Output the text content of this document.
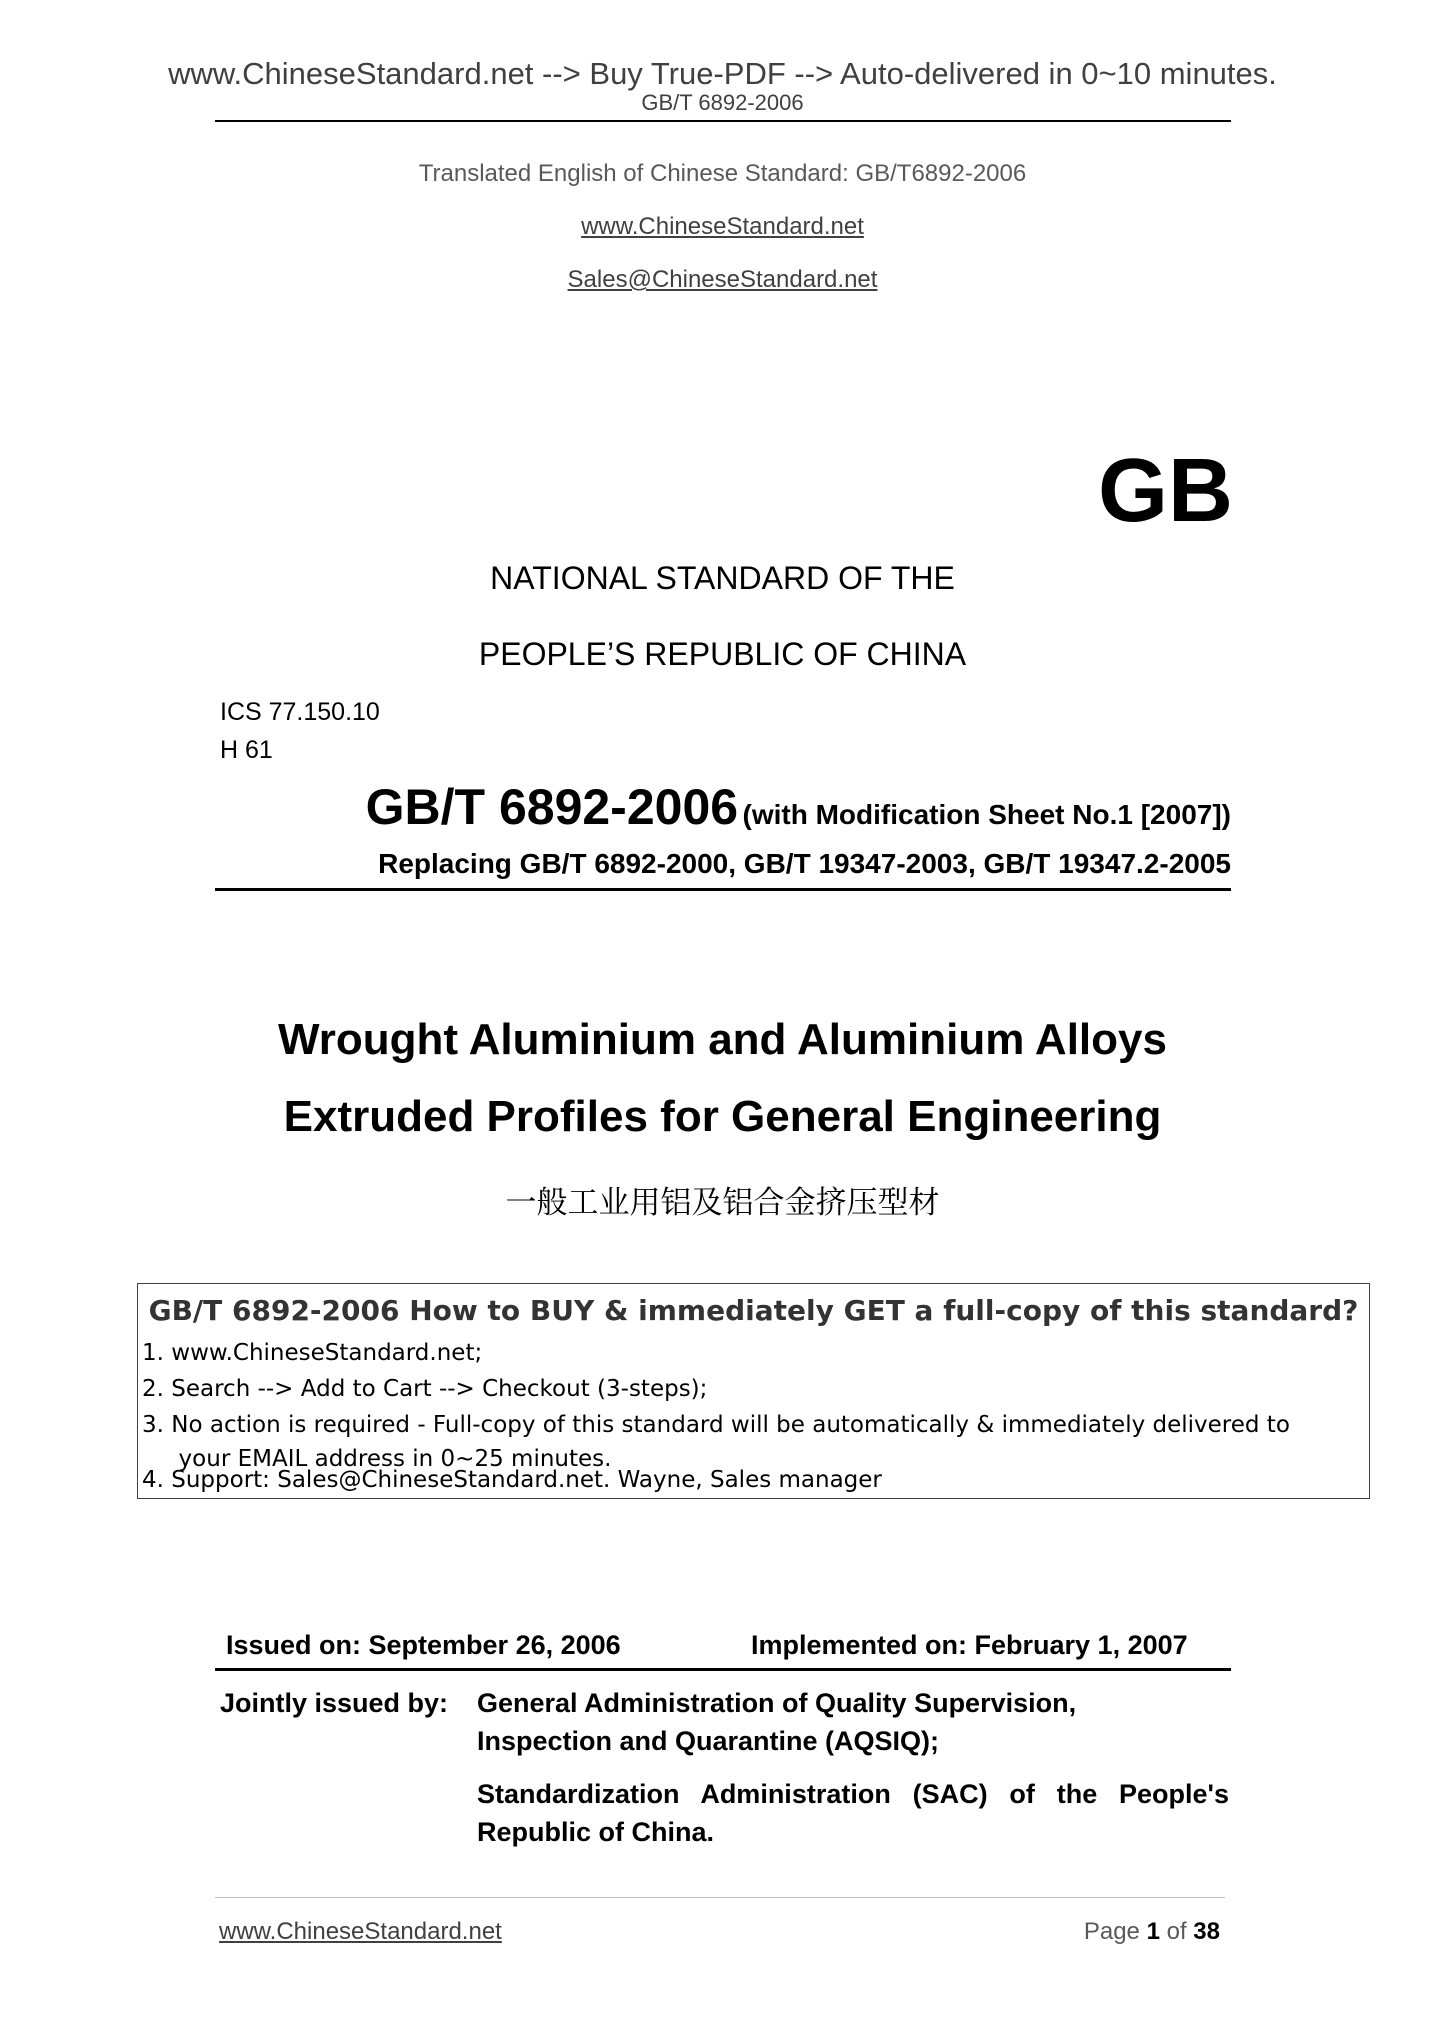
www.ChineseStandard.net --> Buy True-PDF --> Auto-delivered in 0~10 minutes.
GB/T 6892-2006
Translated English of Chinese Standard: GB/T6892-2006
www.ChineseStandard.net
Sales@ChineseStandard.net
GB
NATIONAL STANDARD OF THE
PEOPLE’S REPUBLIC OF CHINA
ICS 77.150.10
H 61
GB/T 6892-2006 (with Modification Sheet No.1 [2007])
Replacing GB/T 6892-2000, GB/T 19347-2003, GB/T 19347.2-2005
Wrought Aluminium and Aluminium Alloys
Extruded Profiles for General Engineering
一般工业用铝及铝合金挤压型材
GB/T 6892-2006 How to BUY & immediately GET a full-copy of this standard?
1. www.ChineseStandard.net;
2. Search --> Add to Cart --> Checkout (3-steps);
3. No action is required - Full-copy of this standard will be automatically & immediately delivered to
your EMAIL address in 0~25 minutes.
4. Support: Sales@ChineseStandard.net. Wayne, Sales manager
Issued on: September 26, 2006	Implemented on: February 1, 2007
Jointly issued by: General Administration of Quality Supervision,
Inspection and Quarantine (AQSIQ);
Standardization Administration (SAC) of the People's
Republic of China.
www.ChineseStandard.net	Page 1 of 38
